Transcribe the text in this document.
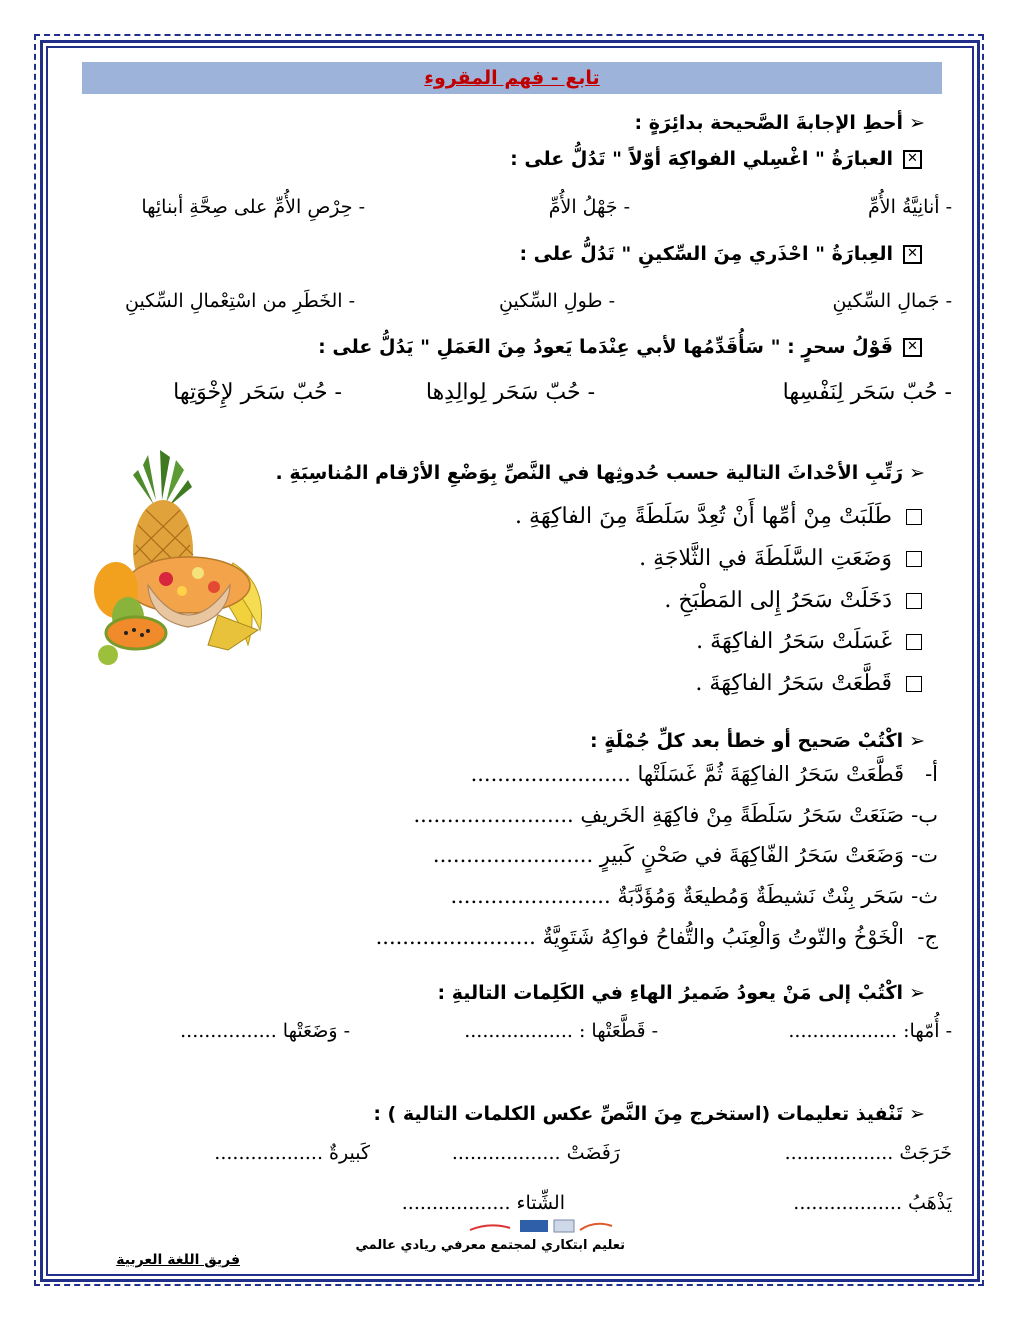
تابع - فهم المقروء
➢أحطِ الإجابةَ الصَّحيحة بدائِرَةٍ :
✕العبارَةُ " اغْسِلي الفواكِهَ أوّلاً " تَدُلُّ على :
- أنانِيَّةُ الأُمِّ
- جَهْلُ الأُمِّ
- حِرْصِ الأُمِّ على صِحَّةِ أبنائِها
✕العِبارَةُ " احْذَري مِنَ السِّكينِ " تَدُلُّ على :
- جَمالِ السِّكينِ
- طولِ السِّكينِ
- الخَطَرِ من اسْتِعْمالِ السِّكينِ
✕قَوْلُ سحرٍ : " سَأُقَدِّمُها لأبي عِنْدَما يَعودُ مِنَ العَمَلِ " يَدُلُّ على :
- حُبّ سَحَر لِنَفْسِها
- حُبّ سَحَر لِوالِدِها
- حُبّ سَحَر لإِخْوَتِها
➢رَتِّبِ الأحْداثَ التالية حسب حُدوثِها في النَّصِّ بِوَضْعِ الأرْقام المُناسِبَةِ .
طَلَبَتْ مِنْ أمِّها أَنْ تُعِدَّ سَلَطَةً مِنَ الفاكِهَةِ .
وَضَعَتِ السَّلَطَةَ في الثَّلاجَةِ .
دَخَلَتْ سَحَرُ إِلى المَطْبَخِ .
غَسَلَتْ سَحَرُ الفاكِهَةَ .
قَطَّعَتْ سَحَرُ الفاكِهَةَ .
➢اكْتُبْ صَحيح أو خطأ بعد كلِّ جُمْلَةٍ :
أ-قَطَّعَتْ سَحَرُ الفاكِهَةَ ثُمَّ غَسَلَتْها ........................
ب-صَنَعَتْ سَحَرُ سَلَطَةً مِنْ فاكِهَةِ الخَريفِ ........................
ت-وَضَعَتْ سَحَرُ الفّاكِهَةَ في صَحْنٍ كَبيرٍ ........................
ث-سَحَر بِنْتٌ نَشيطَةٌ وَمُطيعَةٌ وَمُؤَدَّبَةٌ ........................
ج-الْخَوْخُ والتّوتُ وَالْعِنَبُ والتُّفاحُ فواكِهُ شَتَوِيَّةٌ ........................
➢اكْتُبْ إلى مَنْ يعودُ ضَميرُ الهاءِ في الكَلِمات التاليةِ :
- أُمّها: ..................
- قَطَّعَتْها : ..................
- وَضَعَتْها ................
➢تَنْفيذ تعليمات (استخرج مِنَ النَّصِّ عكس الكلمات التالية ) :
خَرَجَتْ ..................
رَفَضَتْ ..................
كَبيرةٌ ..................
يَذْهَبُ ..................
الشِّتاء ..................
تعليم ابتكاري لمجتمع معرفي ريادي عالمي
فريق اللغة العربية
